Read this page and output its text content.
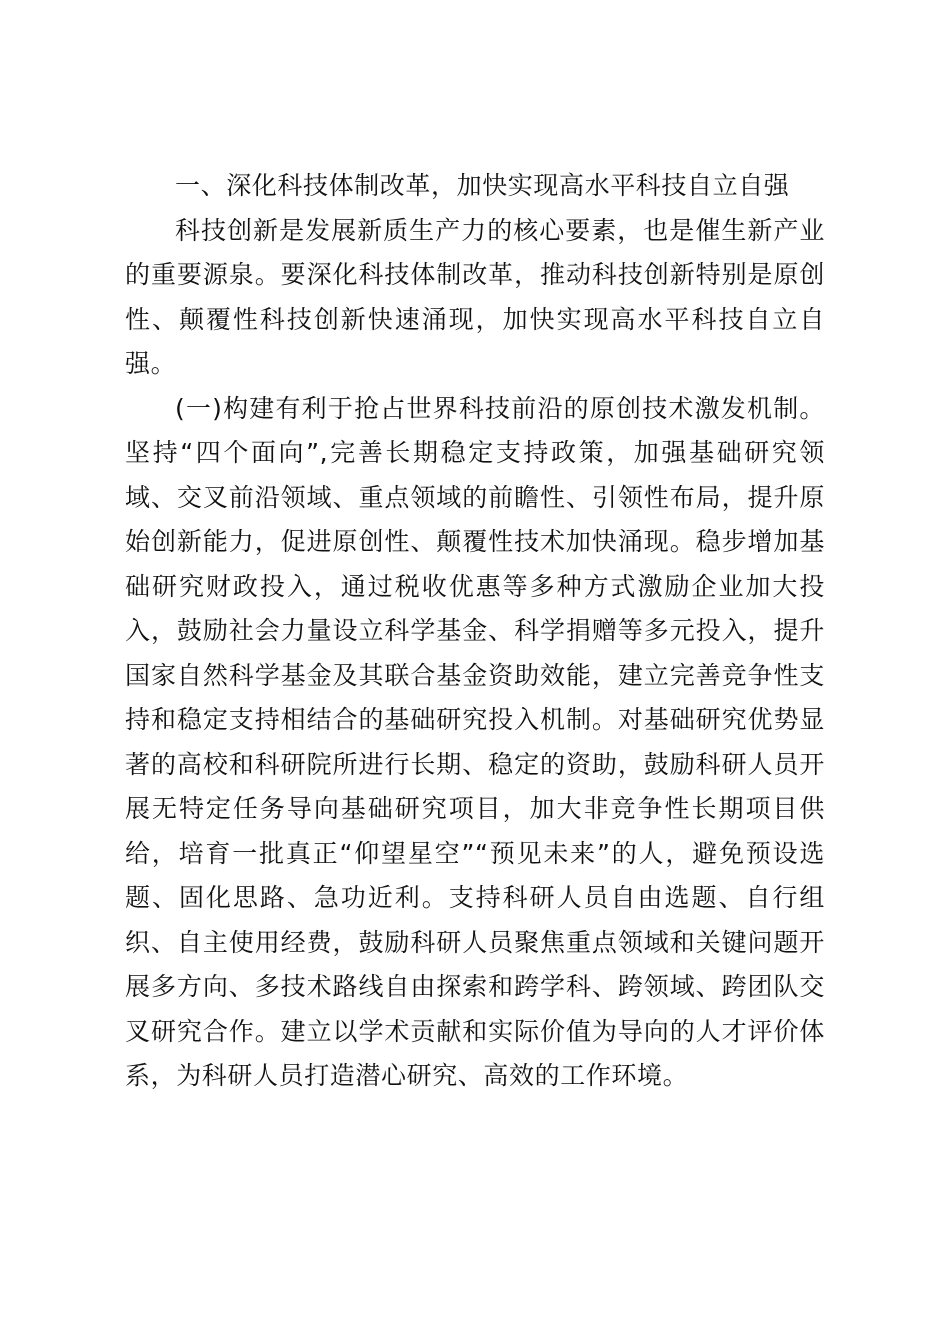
一、深化科技体制改革，加快实现高水平科技自立自强

科技创新是发展新质生产力的核心要素，也是催生新产业的重要源泉。要深化科技体制改革，推动科技创新特别是原创性、颠覆性科技创新快速涌现，加快实现高水平科技自立自强。

(一)构建有利于抢占世界科技前沿的原创技术激发机制。坚持“四个面向”,完善长期稳定支持政策，加强基础研究领域、交叉前沿领域、重点领域的前瞻性、引领性布局，提升原始创新能力，促进原创性、颠覆性技术加快涌现。稳步增加基础研究财政投入，通过税收优惠等多种方式激励企业加大投入，鼓励社会力量设立科学基金、科学捐赠等多元投入，提升国家自然科学基金及其联合基金资助效能，建立完善竞争性支持和稳定支持相结合的基础研究投入机制。对基础研究优势显著的高校和科研院所进行长期、稳定的资助，鼓励科研人员开展无特定任务导向基础研究项目，加大非竞争性长期项目供给，培育一批真正“仰望星空”“预见未来”的人，避免预设选题、固化思路、急功近利。支持科研人员自由选题、自行组织、自主使用经费，鼓励科研人员聚焦重点领域和关键问题开展多方向、多技术路线自由探索和跨学科、跨领域、跨团队交叉研究合作。建立以学术贡献和实际价值为导向的人才评价体系，为科研人员打造潜心研究、高效的工作环境。
